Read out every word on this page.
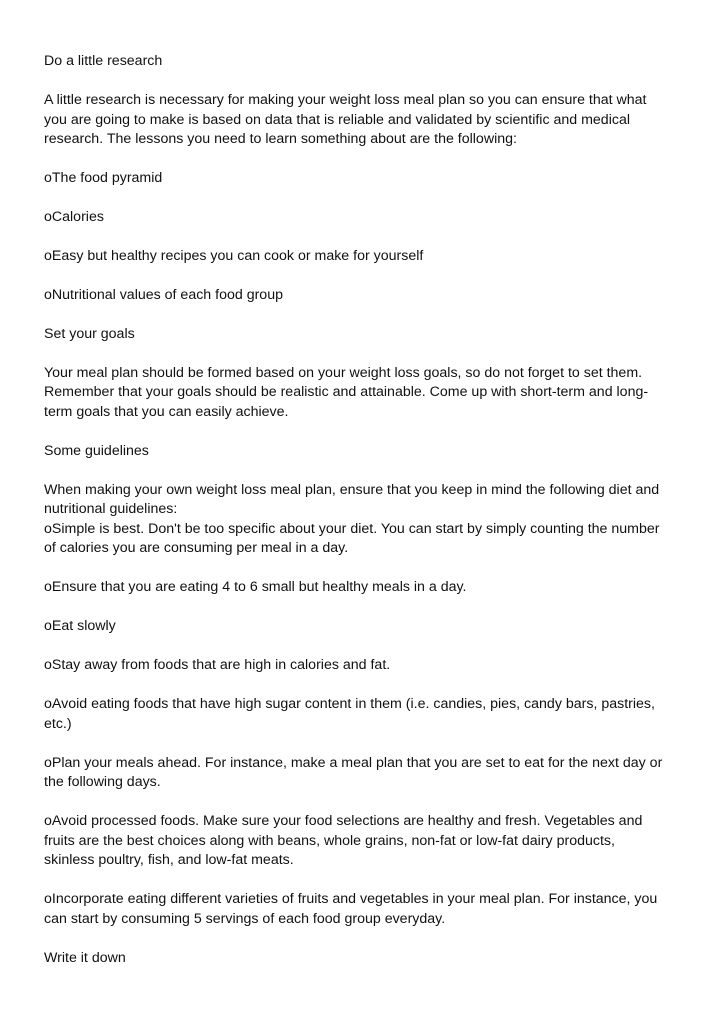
Do a little research
A little research is necessary for making your weight loss meal plan so you can ensure that what
you are going to make is based on data that is reliable and validated by scientific and medical
research. The lessons you need to learn something about are the following:
oThe food pyramid
oCalories
oEasy but healthy recipes you can cook or make for yourself
oNutritional values of each food group
Set your goals
Your meal plan should be formed based on your weight loss goals, so do not forget to set them.
Remember that your goals should be realistic and attainable. Come up with short-term and long-
term goals that you can easily achieve.
Some guidelines
When making your own weight loss meal plan, ensure that you keep in mind the following diet and
nutritional guidelines:
oSimple is best. Don't be too specific about your diet. You can start by simply counting the number
of calories you are consuming per meal in a day.
oEnsure that you are eating 4 to 6 small but healthy meals in a day.
oEat slowly
oStay away from foods that are high in calories and fat.
oAvoid eating foods that have high sugar content in them (i.e. candies, pies, candy bars, pastries,
etc.)
oPlan your meals ahead. For instance, make a meal plan that you are set to eat for the next day or
the following days.
oAvoid processed foods. Make sure your food selections are healthy and fresh. Vegetables and
fruits are the best choices along with beans, whole grains, non-fat or low-fat dairy products,
skinless poultry, fish, and low-fat meats.
oIncorporate eating different varieties of fruits and vegetables in your meal plan. For instance, you
can start by consuming 5 servings of each food group everyday.
Write it down
